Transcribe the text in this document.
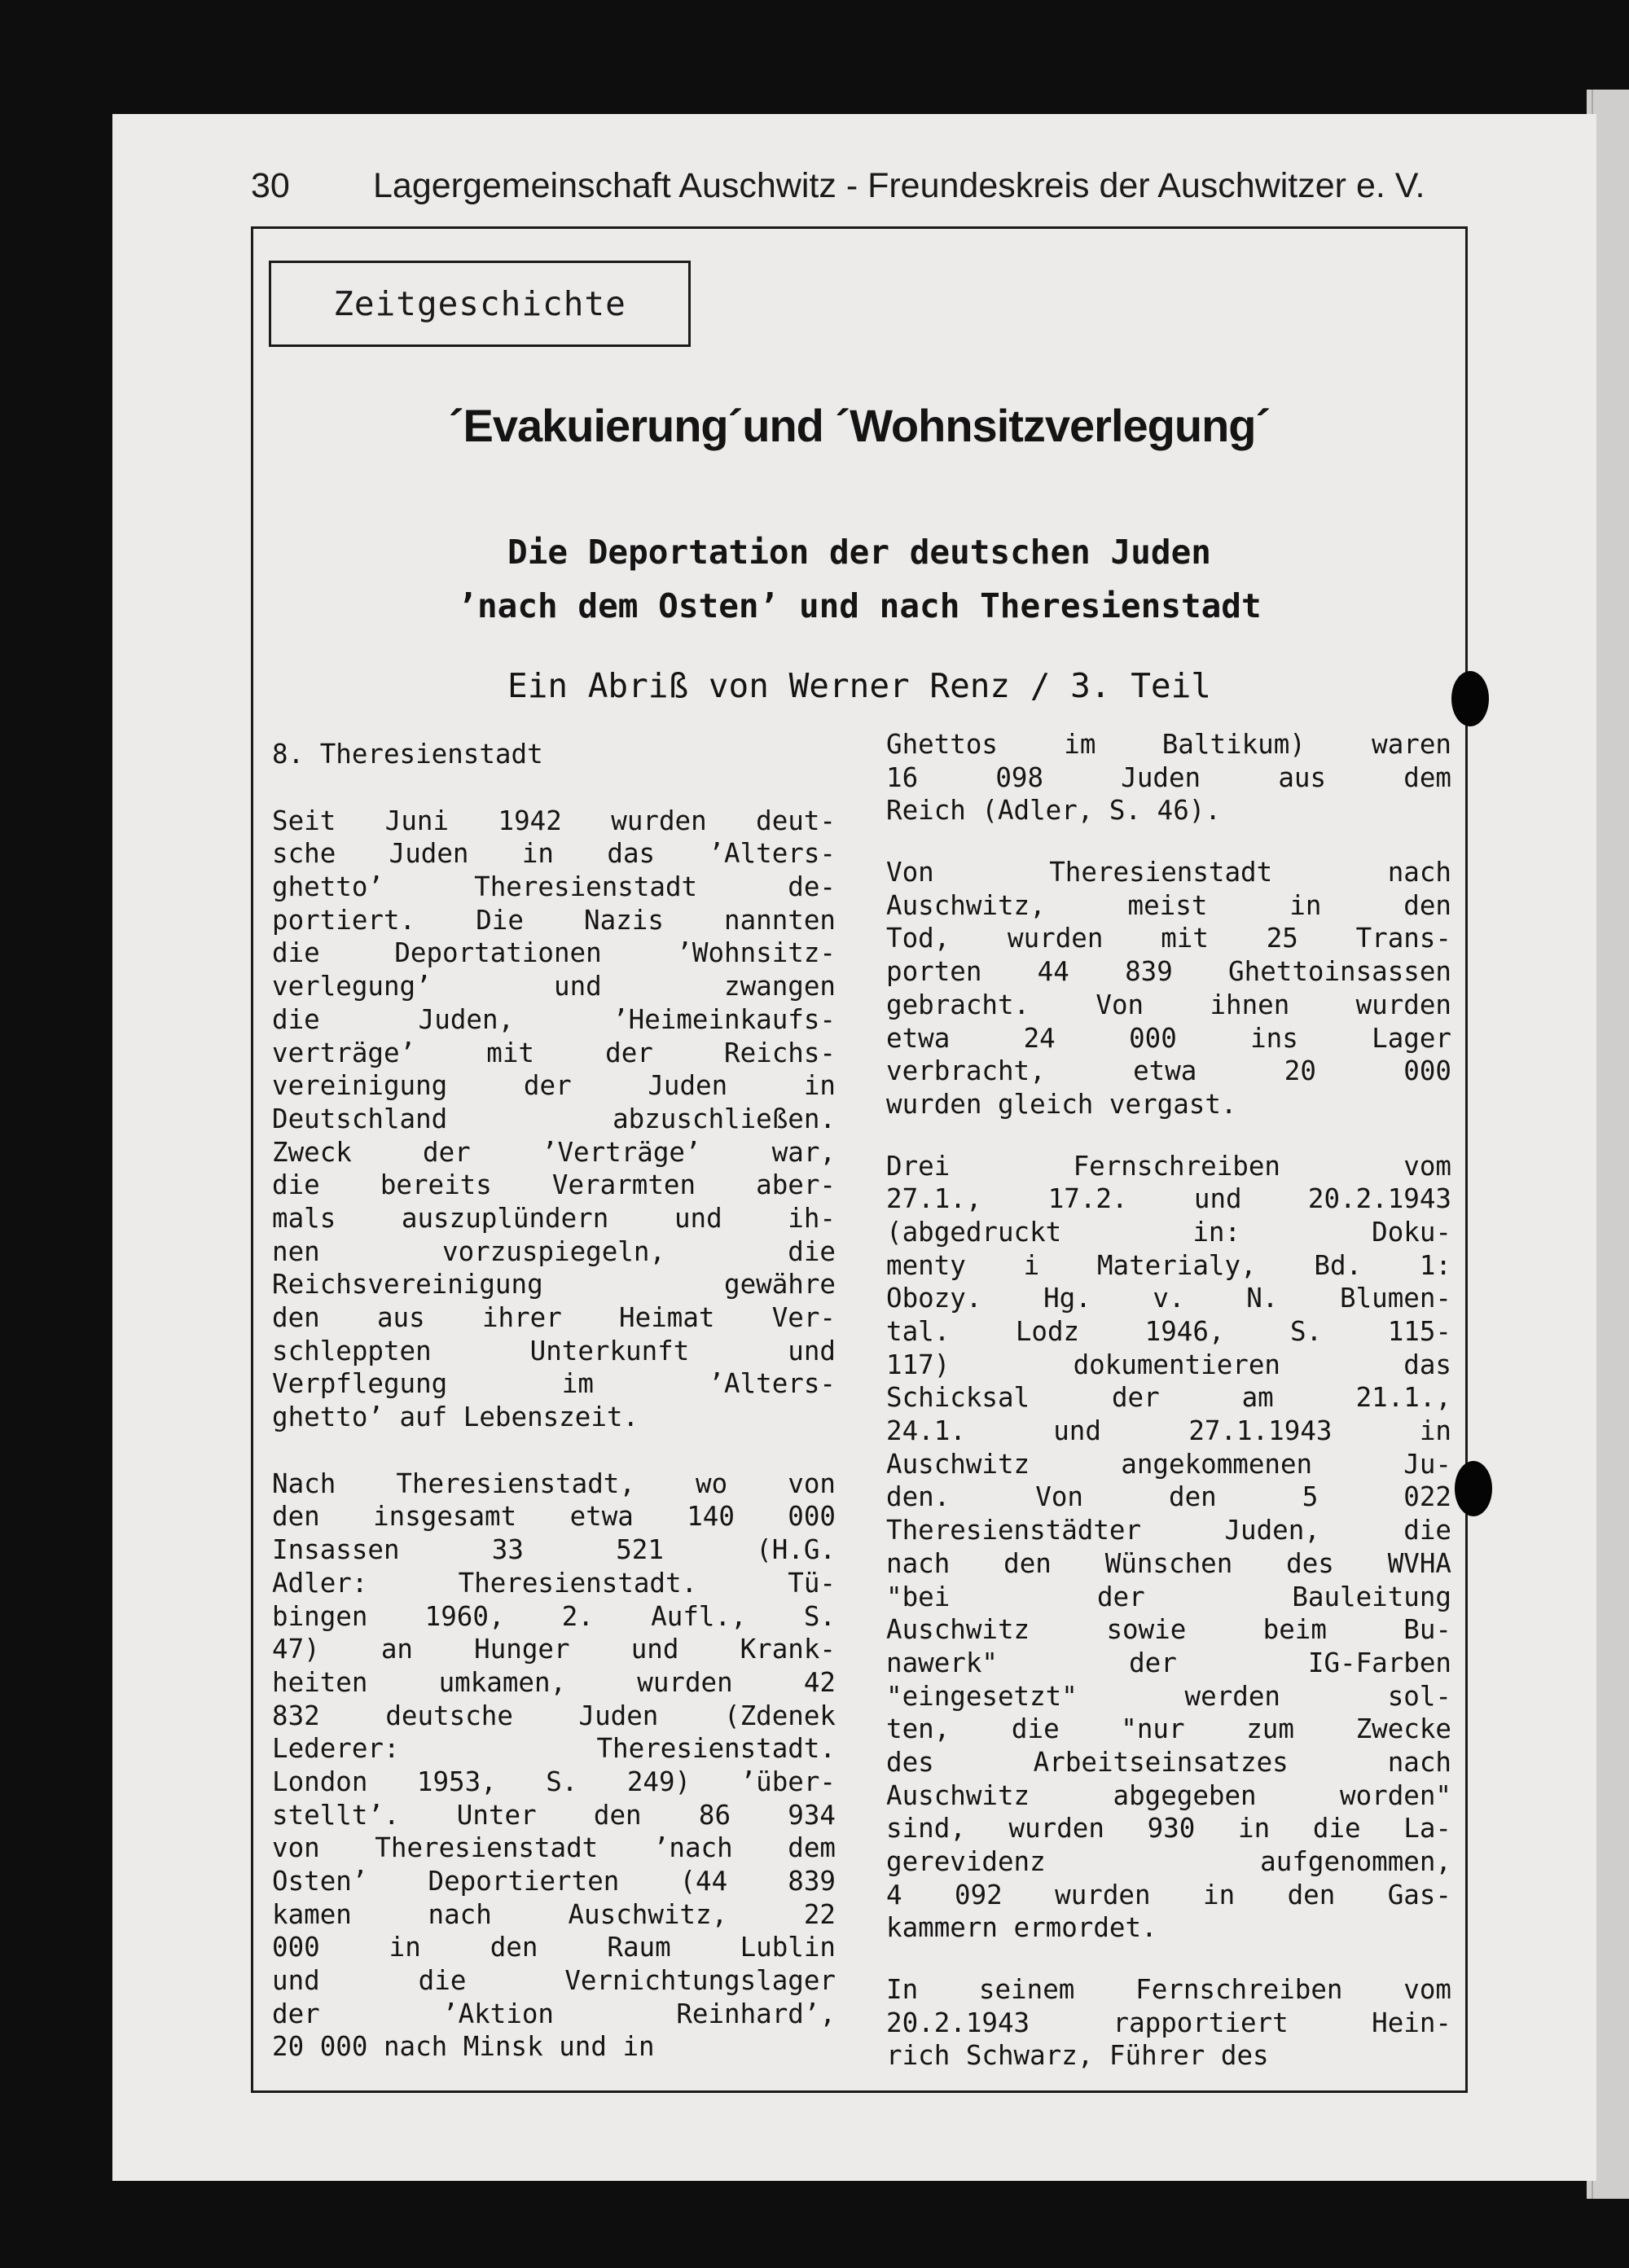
30 Lagergemeinschaft Auschwitz - Freundeskreis der Auschwitzer e. V.
Zeitgeschichte
´Evakuierung´und ´Wohnsitzverlegung´
Die Deportation der deutschen Juden
’nach dem Osten’ und nach Theresienstadt
Ein Abriß von Werner Renz / 3. Teil
8. Theresienstadt
Seit Juni 1942 wurden deut-
sche Juden in das ’Alters-
ghetto’ Theresienstadt de-
portiert. Die Nazis nannten
die Deportationen ’Wohnsitz-
verlegung’ und zwangen
die Juden, ’Heimeinkaufs-
verträge’ mit der Reichs-
vereinigung der Juden in
Deutschland abzuschließen.
Zweck der ’Verträge’ war,
die bereits Verarmten aber-
mals auszuplündern und ih-
nen vorzuspiegeln, die
Reichsvereinigung gewähre
den aus ihrer Heimat Ver-
schleppten Unterkunft und
Verpflegung im ’Alters-
ghetto’ auf Lebenszeit.
Nach Theresienstadt, wo von
den insgesamt etwa 140 000
Insassen 33 521 (H.G.
Adler: Theresienstadt. Tü-
bingen 1960, 2. Aufl., S.
47) an Hunger und Krank-
heiten umkamen, wurden 42
832 deutsche Juden (Zdenek
Lederer: Theresienstadt.
London 1953, S. 249) ’über-
stellt’. Unter den 86 934
von Theresienstadt ’nach dem
Osten’ Deportierten (44 839
kamen nach Auschwitz, 22
000 in den Raum Lublin
und die Vernichtungslager
der ’Aktion Reinhard’,
20 000 nach Minsk und in
Ghettos im Baltikum) waren
16 098 Juden aus dem
Reich (Adler, S. 46).
Von Theresienstadt nach
Auschwitz, meist in den
Tod, wurden mit 25 Trans-
porten 44 839 Ghettoinsassen
gebracht. Von ihnen wurden
etwa 24 000 ins Lager
verbracht, etwa 20 000
wurden gleich vergast.
Drei Fernschreiben vom
27.1., 17.2. und 20.2.1943
(abgedruckt in: Doku-
menty i Materialy, Bd. 1:
Obozy. Hg. v. N. Blumen-
tal. Lodz 1946, S. 115-
117) dokumentieren das
Schicksal der am 21.1.,
24.1. und 27.1.1943 in
Auschwitz angekommenen Ju-
den. Von den 5 022
Theresienstädter Juden, die
nach den Wünschen des WVHA
"bei der Bauleitung
Auschwitz sowie beim Bu-
nawerk" der IG-Farben
"eingesetzt" werden sol-
ten, die "nur zum Zwecke
des Arbeitseinsatzes nach
Auschwitz abgegeben worden"
sind, wurden 930 in die La-
gerevidenz aufgenommen,
4 092 wurden in den Gas-
kammern ermordet.
In seinem Fernschreiben vom
20.2.1943 rapportiert Hein-
rich Schwarz, Führer des
